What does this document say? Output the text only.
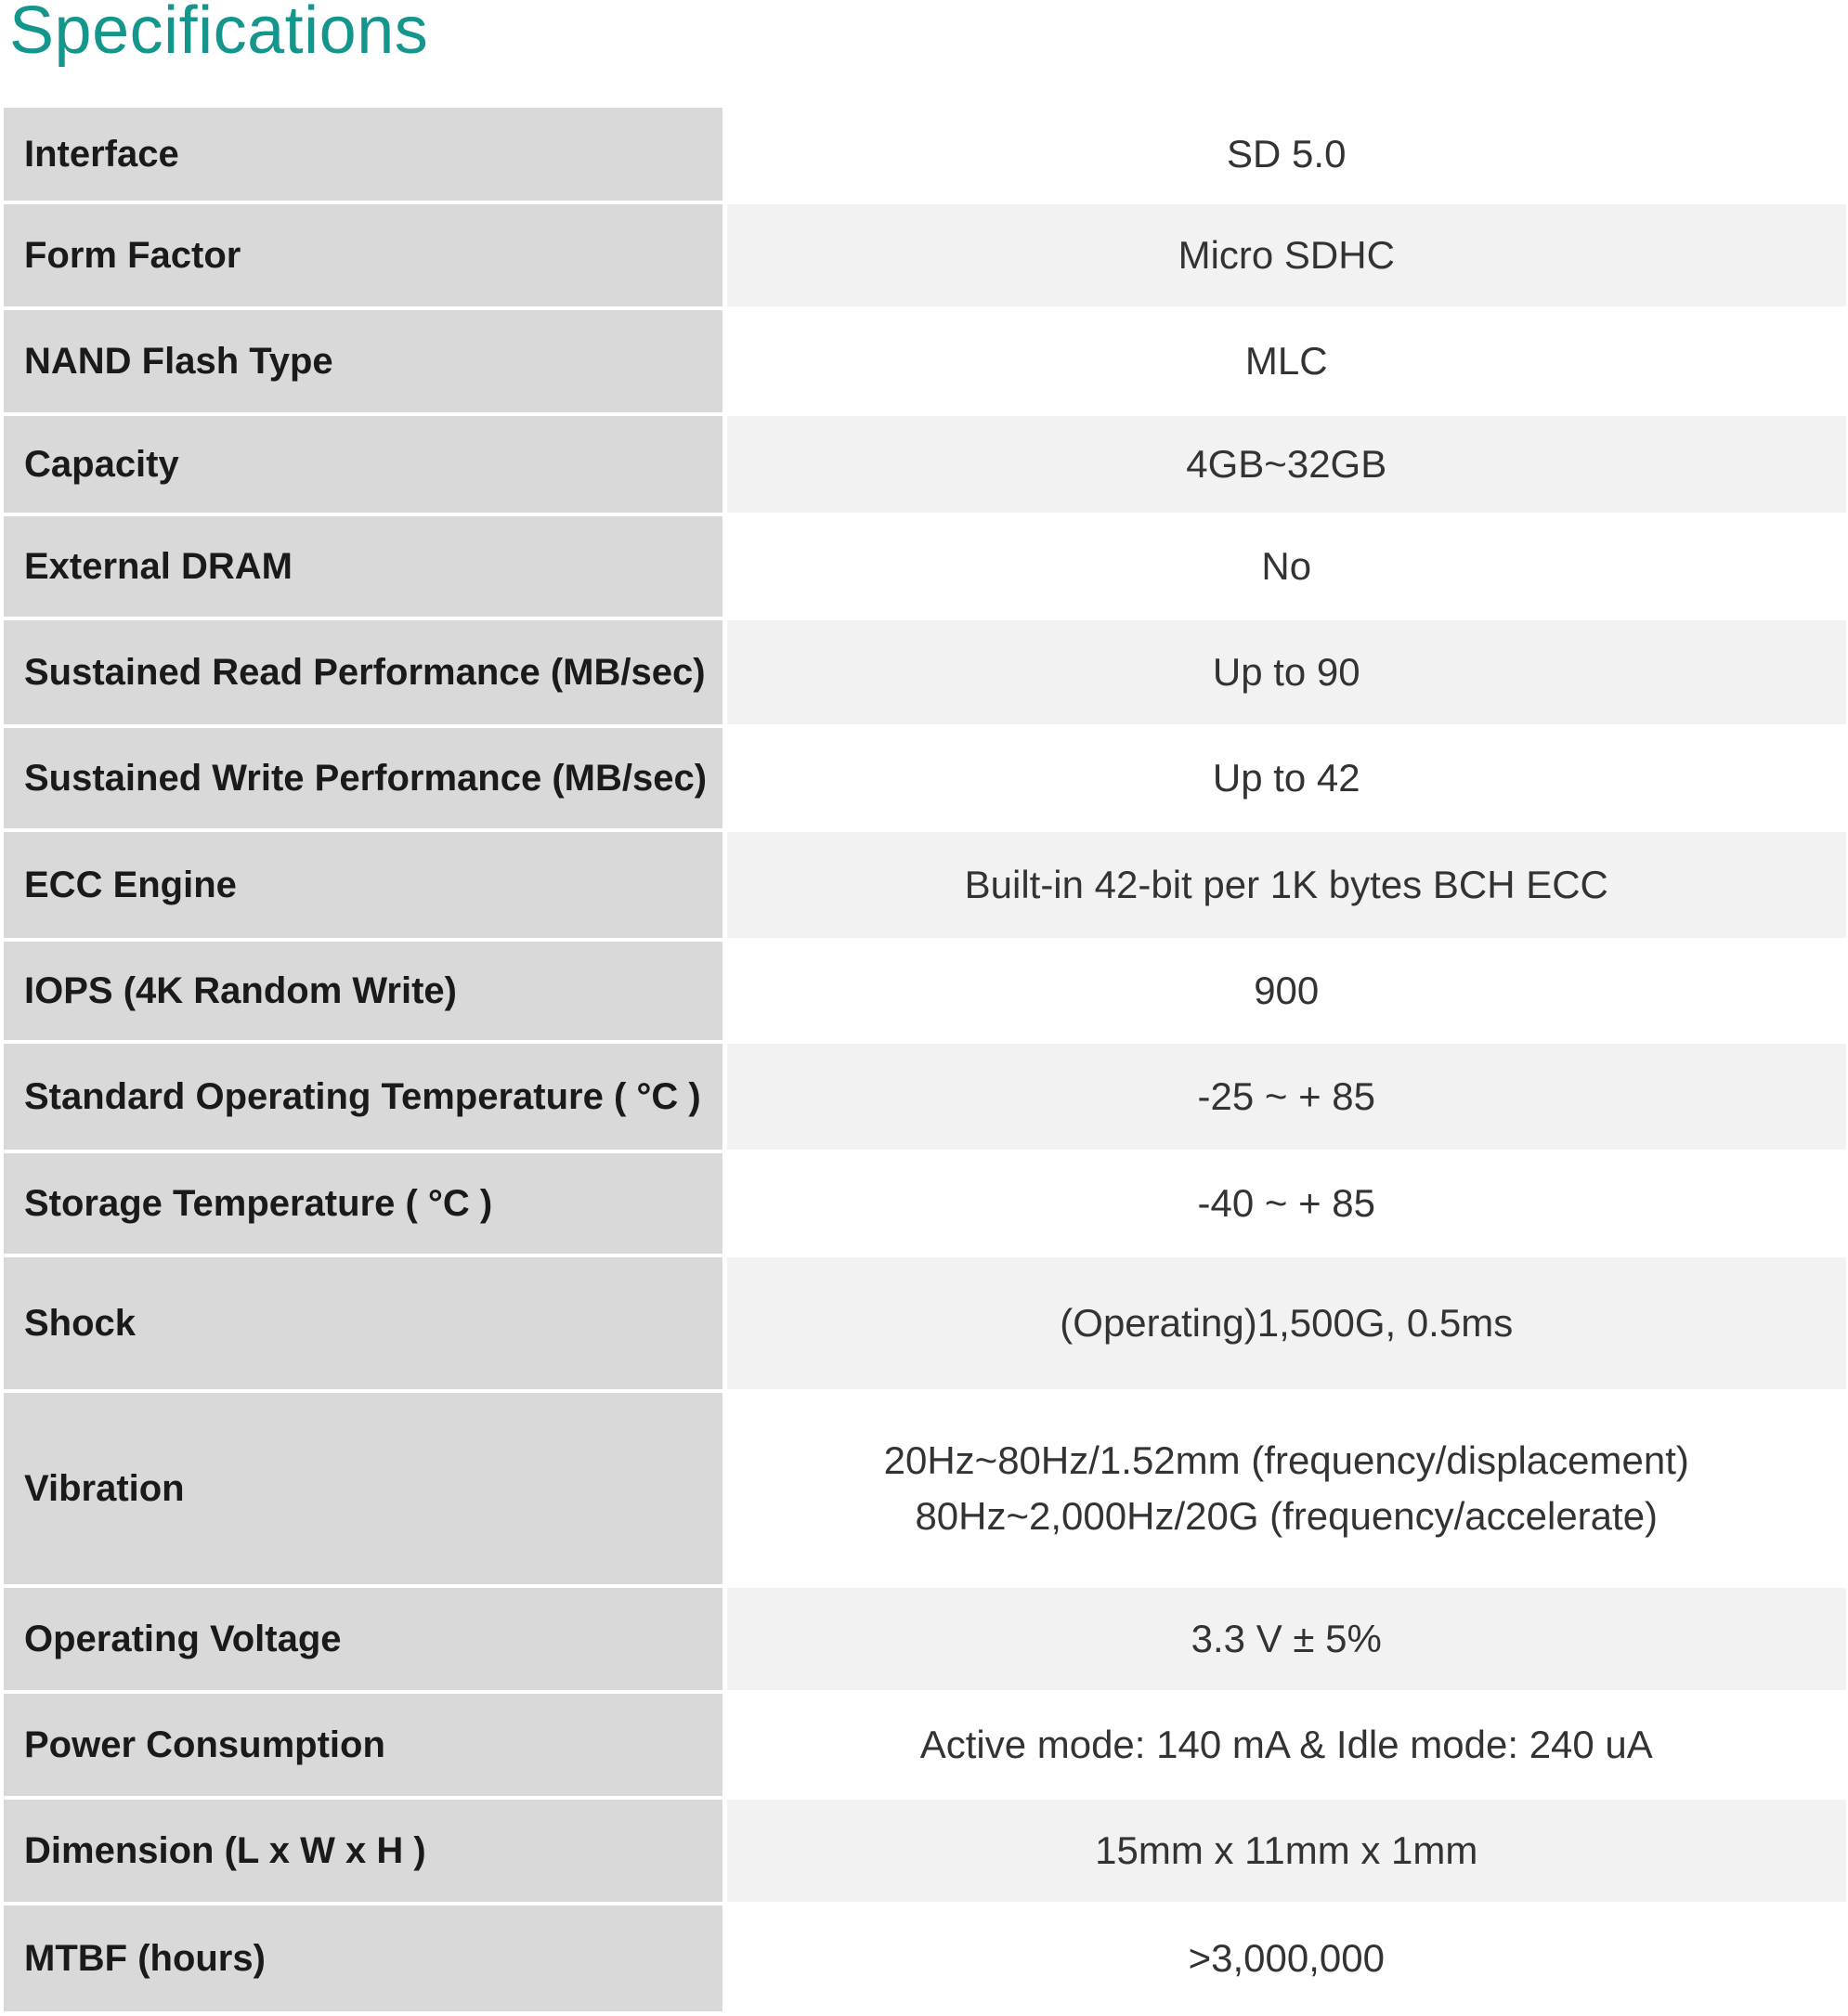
Specifications
Interface	SD 5.0

Form Factor	Micro SDHC

NAND Flash Type	MLC

Capacity	4GB~32GB

External DRAM	No

Sustained Read Performance (MB/sec)	Up to 90

Sustained Write Performance (MB/sec)	Up to 42

ECC Engine	Built-in 42-bit per 1K bytes BCH ECC

IOPS (4K Random Write)	900

Standard Operating Temperature ( °C )	-25 ~ + 85

Storage Temperature ( °C )	-40 ~ + 85

Shock	(Operating)1,500G, 0.5ms

Vibration	20Hz~80Hz/1.52mm (frequency/displacement)
80Hz~2,000Hz/20G (frequency/accelerate)

Operating Voltage	3.3 V ± 5%

Power Consumption	Active mode: 140 mA & Idle mode: 240 uA

Dimension (L x W x H )	15mm x 11mm x 1mm

MTBF (hours)	>3,000,000
